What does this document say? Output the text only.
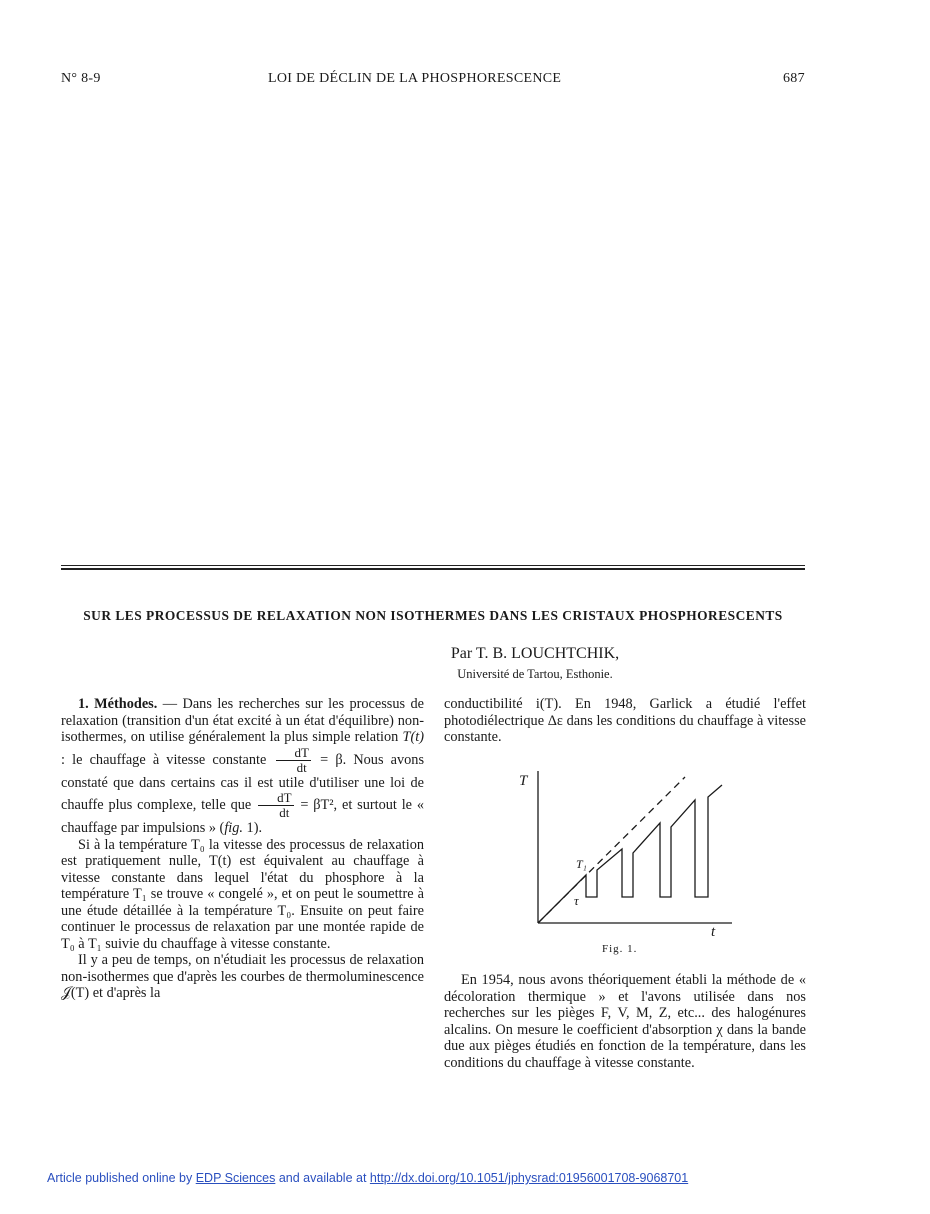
N° 8-9	LOI DE DÉCLIN DE LA PHOSPHORESCENCE	687
SUR LES PROCESSUS DE RELAXATION NON ISOTHERMES DANS LES CRISTAUX PHOSPHORESCENTS
Par T. B. LOUCHTCHIK,
Université de Tartou, Esthonie.

1. Méthodes. — Dans les recherches sur les processus de relaxation (transition d'un état excité à un état d'équilibre) non-isothermes, on utilise généralement la plus simple relation T(t) : le chauffage à vitesse constante $\frac{dT}{dt} = \beta$. Nous avons constaté que dans certains cas il est utile d'utiliser une loi de chauffe plus complexe, telle que $\frac{dT}{dt} = \beta T^2$, et surtout le « chauffage par impulsions » (fig. 1).

Si à la température T₀ la vitesse des processus de relaxation est pratiquement nulle, T(t) est équivalent au chauffage à vitesse constante dans lequel l'état du phosphore à la température T₁ se trouve « congelé », et on peut le soumettre à une étude détaillée à la température T₀. Ensuite on peut faire continuer le processus de relaxation par une montée rapide de T₀ à T₁ suivie du chauffage à vitesse constante.

Il y a peu de temps, on n'étudiait les processus de relaxation non-isothermes que d'après les courbes de thermoluminescence 𝒥(T) et d'après la

conductibilité i(T). En 1948, Garlick a étudié l'effet photodiélectrique Δε dans les conditions du chauffage à vitesse constante.

T
T₁
τ
t
Fig. 1.

En 1954, nous avons théoriquement établi la méthode de « décoloration thermique » et l'avons utilisée dans nos recherches sur les pièges F, V, M, Z, etc... des halogénures alcalins. On mesure le coefficient d'absorption χ dans la bande due aux pièges étudiés en fonction de la température, dans les conditions du chauffage à vitesse constante.

Article published online by EDP Sciences and available at http://dx.doi.org/10.1051/jphysrad:01956001708-9068701
